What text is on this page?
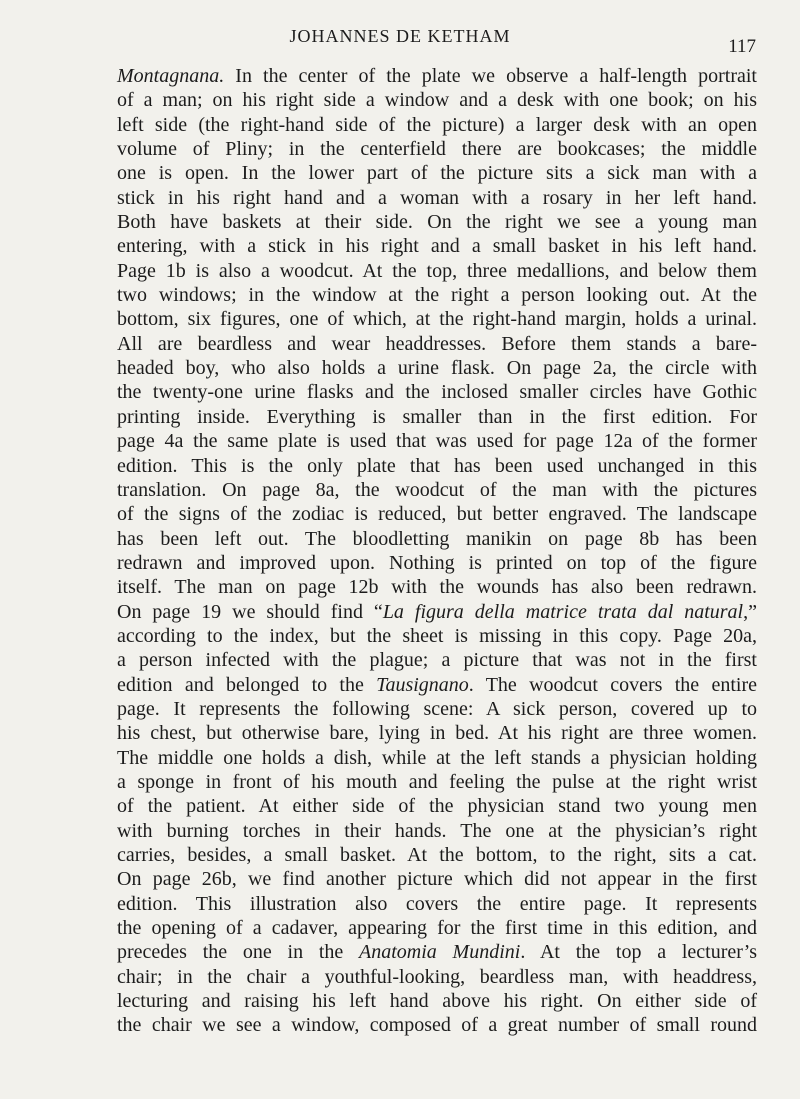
JOHANNES DE KETHAM	117
Montagnana. In the center of the plate we observe a half-length portrait
of a man; on his right side a window and a desk with one book; on his
left side (the right-hand side of the picture) a larger desk with an open
volume of Pliny; in the centerfield there are bookcases; the middle
one is open. In the lower part of the picture sits a sick man with a
stick in his right hand and a woman with a rosary in her left hand.
Both have baskets at their side. On the right we see a young man
entering, with a stick in his right and a small basket in his left hand.
Page 1b is also a woodcut. At the top, three medallions, and below them
two windows; in the window at the right a person looking out. At the
bottom, six figures, one of which, at the right-hand margin, holds a urinal.
All are beardless and wear headdresses. Before them stands a bare-
headed boy, who also holds a urine flask. On page 2a, the circle with
the twenty-one urine flasks and the inclosed smaller circles have Gothic
printing inside. Everything is smaller than in the first edition. For
page 4a the same plate is used that was used for page 12a of the former
edition. This is the only plate that has been used unchanged in this
translation. On page 8a, the woodcut of the man with the pictures
of the signs of the zodiac is reduced, but better engraved. The landscape
has been left out. The bloodletting manikin on page 8b has been
redrawn and improved upon. Nothing is printed on top of the figure
itself. The man on page 12b with the wounds has also been redrawn.
On page 19 we should find “La figura della matrice trata dal natural,”
according to the index, but the sheet is missing in this copy. Page 20a,
a person infected with the plague; a picture that was not in the first
edition and belonged to the Tausignano. The woodcut covers the entire
page. It represents the following scene: A sick person, covered up to
his chest, but otherwise bare, lying in bed. At his right are three women.
The middle one holds a dish, while at the left stands a physician holding
a sponge in front of his mouth and feeling the pulse at the right wrist
of the patient. At either side of the physician stand two young men
with burning torches in their hands. The one at the physician’s right
carries, besides, a small basket. At the bottom, to the right, sits a cat.
On page 26b, we find another picture which did not appear in the first
edition. This illustration also covers the entire page. It represents
the opening of a cadaver, appearing for the first time in this edition, and
precedes the one in the Anatomia Mundini. At the top a lecturer’s
chair; in the chair a youthful-looking, beardless man, with headdress,
lecturing and raising his left hand above his right. On either side of
the chair we see a window, composed of a great number of small round
